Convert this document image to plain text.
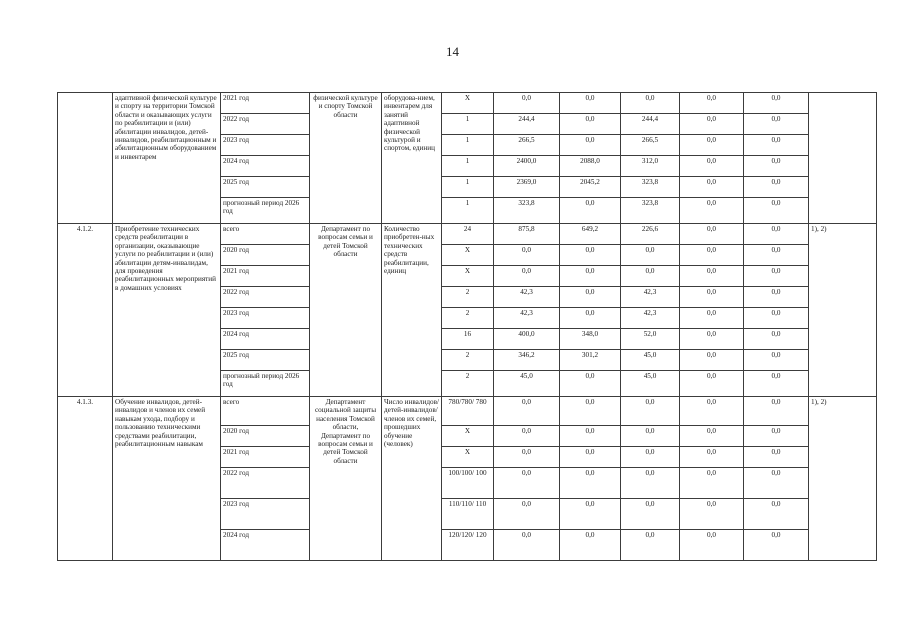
14
	адаптивной физической культуре и спорту на территории Томской области и оказывающих услуги по реабилитации и (или) абилитации инвалидов, детей-инвалидов, реабилитационным и абилитационным оборудованием и инвентарем	2021 год	физической культуре и спорту Томской области	оборудова-нием, инвентарем для занятий адаптивной физической культурой и спортом, единиц	Х	0,0	0,0	0,0	0,0	0,0	
		2022 год			1	244,4	0,0	244,4	0,0	0,0	
		2023 год			1	266,5	0,0	266,5	0,0	0,0	
		2024 год			1	2400,0	2088,0	312,0	0,0	0,0	
		2025 год			1	2369,0	2045,2	323,8	0,0	0,0	
		прогнозный период 2026 год			1	323,8	0,0	323,8	0,0	0,0	
4.1.2.	Приобретение технических средств реабилитации в организации, оказывающие услуги по реабилитации и (или) абилитации детям-инвалидам, для проведения реабилитационных мероприятий в домашних условиях	всего	Департамент по вопросам семьи и детей Томской области	Количество приобретен-ных технических средств реабилитации, единиц	24	875,8	649,2	226,6	0,0	0,0	1), 2)
		2020 год			Х	0,0	0,0	0,0	0,0	0,0	
		2021 год			Х	0,0	0,0	0,0	0,0	0,0	
		2022 год			2	42,3	0,0	42,3	0,0	0,0	
		2023 год			2	42,3	0,0	42,3	0,0	0,0	
		2024 год			16	400,0	348,0	52,0	0,0	0,0	
		2025 год			2	346,2	301,2	45,0	0,0	0,0	
		прогнозный период 2026 год			2	45,0	0,0	45,0	0,0	0,0	
4.1.3.	Обучение инвалидов, детей-инвалидов и членов их семей навыкам ухода, подбору и пользованию техническими средствами реабилитации, реабилитационным навыкам	всего	Департамент социальной защиты населения Томской области, Департамент по вопросам семьи и детей Томской области	Число инвалидов/ детей-инвалидов/ членов их семей, прошедших обучение (человек)	780/780/ 780	0,0	0,0	0,0	0,0	0,0	1), 2)
		2020 год			Х	0,0	0,0	0,0	0,0	0,0	
		2021 год			Х	0,0	0,0	0,0	0,0	0,0	
		2022 год			100/100/ 100	0,0	0,0	0,0	0,0	0,0	
		2023 год			110/110/ 110	0,0	0,0	0,0	0,0	0,0	
		2024 год			120/120/ 120	0,0	0,0	0,0	0,0	0,0	
